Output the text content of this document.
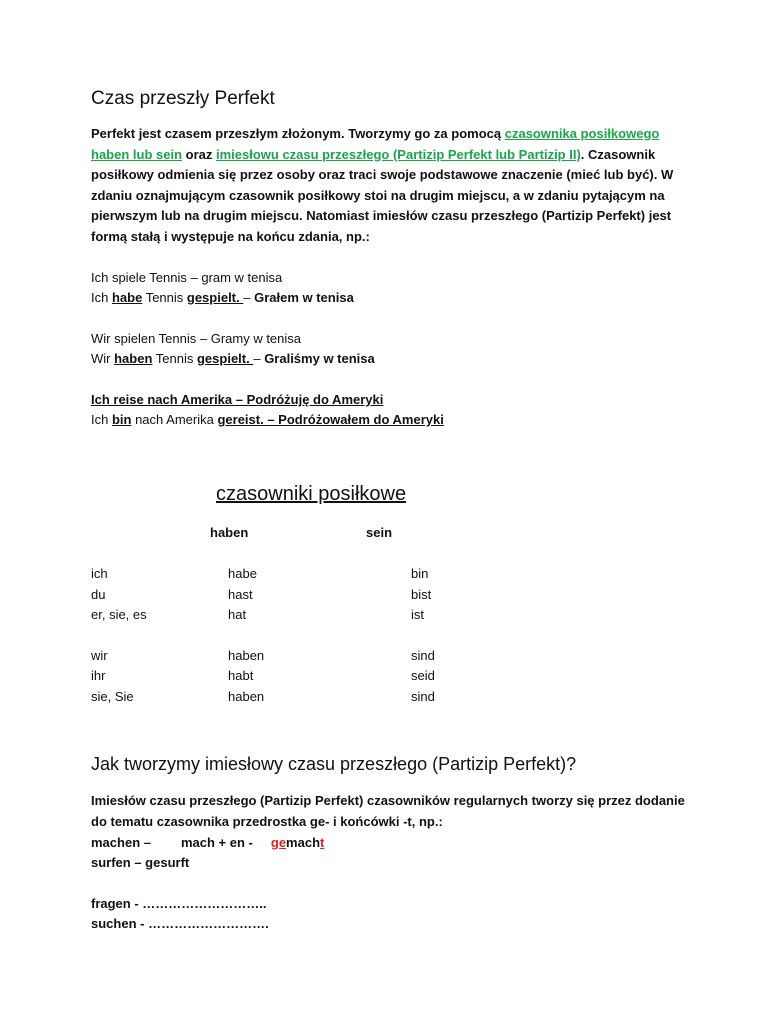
Czas przeszły Perfekt

Perfekt jest czasem przeszłym złożonym. Tworzymy go za pomocą czasownika posiłkowego haben lub sein oraz imiesłowu czasu przeszłego (Partizip Perfekt lub Partizip II). Czasownik posiłkowy odmienia się przez osoby oraz traci swoje podstawowe znaczenie (mieć lub być). W zdaniu oznajmującym czasownik posiłkowy stoi na drugim miejscu, a w zdaniu pytającym na pierwszym lub na drugim miejscu. Natomiast imiesłów czasu przeszłego (Partizip Perfekt) jest formą stałą i występuje na końcu zdania, np.:

Ich spiele Tennis – gram w tenisa

Ich habe Tennis gespielt. – Grałem w tenisa

Wir spielen Tennis – Gramy w tenisa

Wir haben Tennis gespielt. – Graliśmy w tenisa

Ich reise nach Amerika – Podróżuję do Ameryki

Ich bin nach Amerika gereist. – Podróżowałem do Ameryki

czasowniki posiłkowe

haben	sein

ich	habe	bin

du	hast	bist

er, sie, es	hat	ist

wir	haben	sind

ihr	habt	seid

sie, Sie	haben	sind

Jak tworzymy imiesłowy czasu przeszłego (Partizip Perfekt)?

Imiesłów czasu przeszłego (Partizip Perfekt) czasowników regularnych tworzy się przez dodanie do tematu czasownika przedrostka ge- i końcówki -t, np.:

machen – mach + en - gemacht

surfen – gesurft

fragen - ………………………..

suchen - ……………………….
